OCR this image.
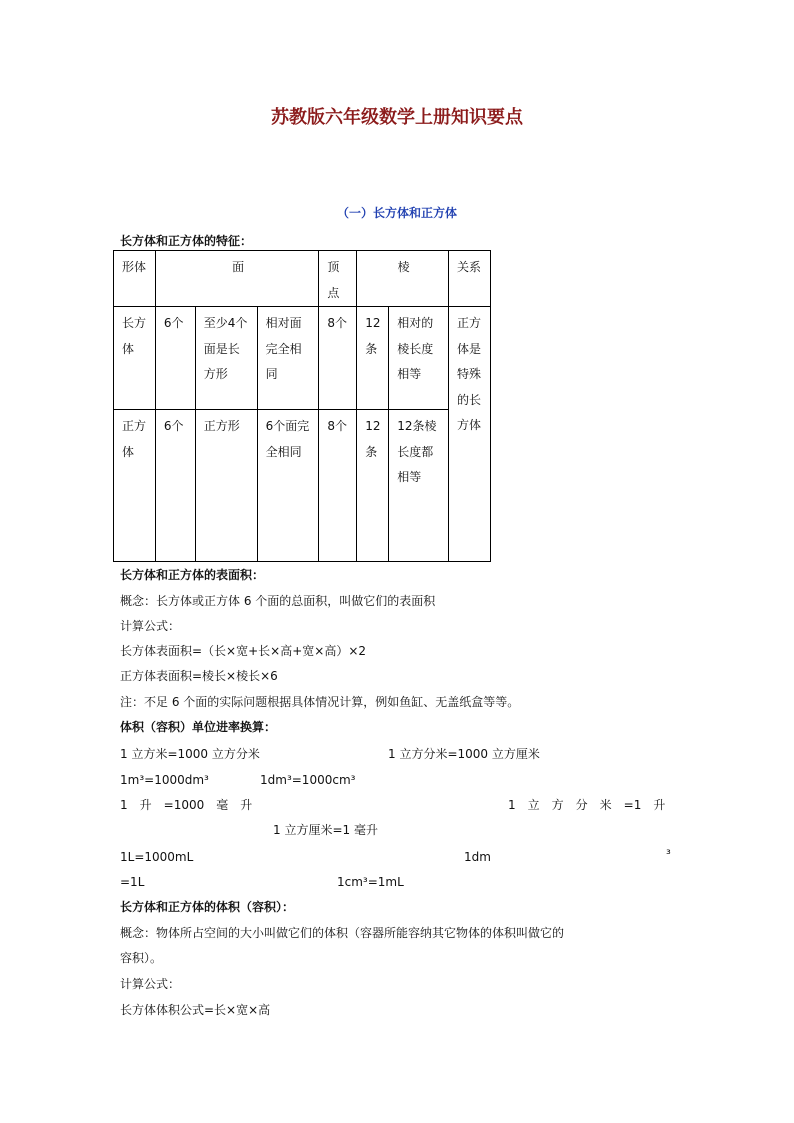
苏教版六年级数学上册知识要点
（一）长方体和正方体
长方体和正方体的特征：
形体	面			顶点	棱		关系
长方体	6个	至少4个面是长方形	相对面完全相同	8个	12条	相对的棱长度相等	正方体是特殊的长方体
正方体	6个	正方形	6个面完全相同	8个	12条	12条棱长度都相等	
长方体和正方体的表面积：
概念：长方体或正方体 6 个面的总面积，叫做它们的表面积
计算公式：
长方体表面积=（长×宽+长×高+宽×高）×2
正方体表面积=棱长×棱长×6
注：不足 6 个面的实际问题根据具体情况计算，例如鱼缸、无盖纸盒等等。
体积（容积）单位进率换算：
1 立方米=1000 立方分米	1 立方分米=1000 立方厘米
1m³=1000dm³	1dm³=1000cm³
1　升　=1000　毫　升	1　立　方　分　米　=1　升
1 立方厘米=1 毫升
1L=1000mL	1dm	³
=1L	1cm³=1mL
长方体和正方体的体积（容积）：
概念：物体所占空间的大小叫做它们的体积（容器所能容纳其它物体的体积叫做它的
容积）。
计算公式：
长方体体积公式=长×宽×高
